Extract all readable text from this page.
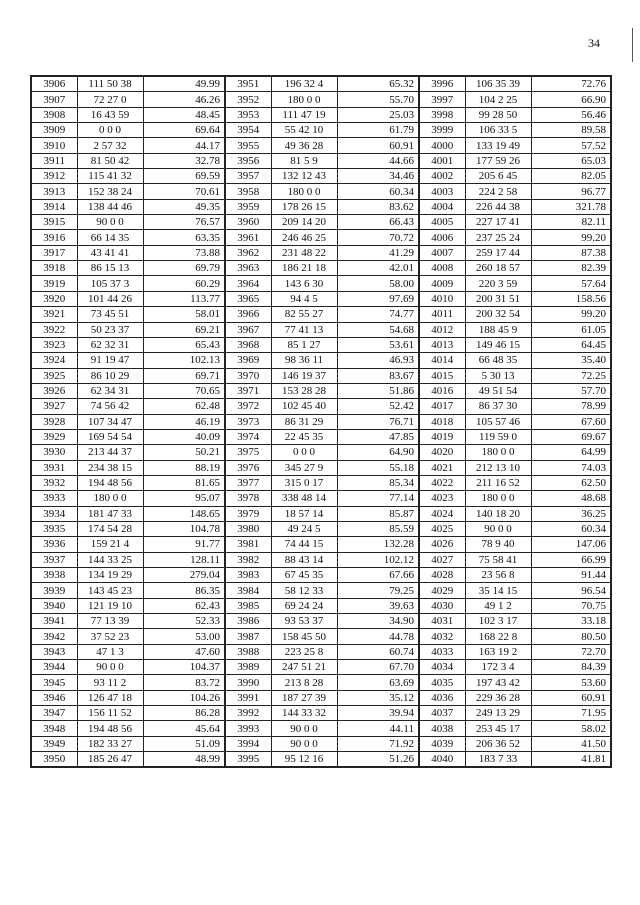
34
3906	111 50 38	49.99	3951	196 32 4	65.32	3996	106 35 39	72.76
3907	72 27 0	46.26	3952	180 0 0	55.70	3997	104 2 25	66.90
3908	16 43 59	48.45	3953	111 47 19	25.03	3998	99 28 50	56.46
3909	0 0 0	69.64	3954	55 42 10	61.79	3999	106 33 5	89.58
3910	2 57 32	44.17	3955	49 36 28	60.91	4000	133 19 49	57.52
3911	81 50 42	32.78	3956	81 5 9	44.66	4001	177 59 26	65.03
3912	115 41 32	69.59	3957	132 12 43	34.46	4002	205 6 45	82.05
3913	152 38 24	70.61	3958	180 0 0	60.34	4003	224 2 58	96.77
3914	138 44 46	49.35	3959	178 26 15	83.62	4004	226 44 38	321.78
3915	90 0 0	76.57	3960	209 14 20	66.43	4005	227 17 41	82.11
3916	66 14 35	63.35	3961	246 46 25	70.72	4006	237 25 24	99.20
3917	43 41 41	73.88	3962	231 48 22	41.29	4007	259 17 44	87.38
3918	86 15 13	69.79	3963	186 21 18	42.01	4008	260 18 57	82.39
3919	105 37 3	60.29	3964	143 6 30	58.00	4009	220 3 59	57.64
3920	101 44 26	113.77	3965	94 4 5	97.69	4010	200 31 51	158.56
3921	73 45 51	58.01	3966	82 55 27	74.77	4011	200 32 54	99.20
3922	50 23 37	69.21	3967	77 41 13	54.68	4012	188 45 9	61.05
3923	62 32 31	65.43	3968	85 1 27	53.61	4013	149 46 15	64.45
3924	91 19 47	102.13	3969	98 36 11	46.93	4014	66 48 35	35.40
3925	86 10 29	69.71	3970	146 19 37	83.67	4015	5 30 13	72.25
3926	62 34 31	70.65	3971	153 28 28	51.86	4016	49 51 54	57.70
3927	74 56 42	62.48	3972	102 45 40	52.42	4017	86 37 30	78.99
3928	107 34 47	46.19	3973	86 31 29	76.71	4018	105 57 46	67.60
3929	169 54 54	40.09	3974	22 45 35	47.85	4019	119 59 0	69.67
3930	213 44 37	50.21	3975	0 0 0	64.90	4020	180 0 0	64.99
3931	234 38 15	88.19	3976	345 27 9	55.18	4021	212 13 10	74.03
3932	194 48 56	81.65	3977	315 0 17	85.34	4022	211 16 52	62.50
3933	180 0 0	95.07	3978	338 48 14	77.14	4023	180 0 0	48.68
3934	181 47 33	148.65	3979	18 57 14	85.87	4024	140 18 20	36.25
3935	174 54 28	104.78	3980	49 24 5	85.59	4025	90 0 0	60.34
3936	159 21 4	91.77	3981	74 44 15	132.28	4026	78 9 40	147.06
3937	144 33 25	128.11	3982	88 43 14	102.12	4027	75 58 41	66.99
3938	134 19 29	279.04	3983	67 45 35	67.66	4028	23 56 8	91.44
3939	143 45 23	86.35	3984	58 12 33	79.25	4029	35 14 15	96.54
3940	121 19 10	62.43	3985	69 24 24	39.63	4030	49 1 2	70.75
3941	77 13 39	52.33	3986	93 53 37	34.90	4031	102 3 17	33.18
3942	37 52 23	53.00	3987	158 45 50	44.78	4032	168 22 8	80.50
3943	47 1 3	47.60	3988	223 25 8	60.74	4033	163 19 2	72.70
3944	90 0 0	104.37	3989	247 51 21	67.70	4034	172 3 4	84.39
3945	93 11 2	83.72	3990	213 8 28	63.69	4035	197 43 42	53.60
3946	126 47 18	104.26	3991	187 27 39	35.12	4036	229 36 28	60.91
3947	156 11 52	86.28	3992	144 33 32	39.94	4037	249 13 29	71.95
3948	194 48 56	45.64	3993	90 0 0	44.11	4038	253 45 17	58.02
3949	182 33 27	51.09	3994	90 0 0	71.92	4039	206 36 52	41.50
3950	185 26 47	48.99	3995	95 12 16	51.26	4040	183 7 33	41.81
